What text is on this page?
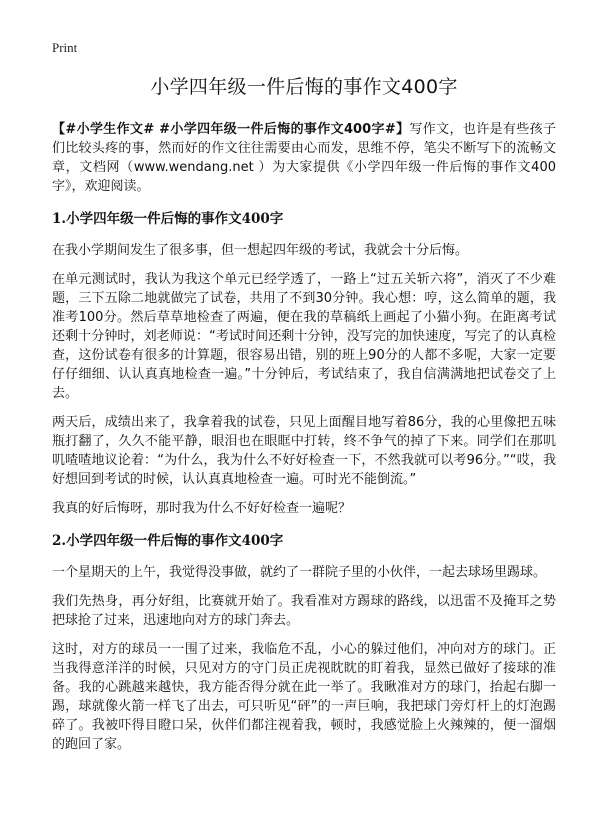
Print
小学四年级一件后悔的事作文400字

【#小学生作文# #小学四年级一件后悔的事作文400字#】写作文，也许是有些孩子们比较头疼的事，然而好的作文往往需要由心而发，思维不停，笔尖不断写下的流畅文章，文档网（www.wendang.net ）为大家提供《小学四年级一件后悔的事作文400字》，欢迎阅读。

1.小学四年级一件后悔的事作文400字

在我小学期间发生了很多事，但一想起四年级的考试，我就会十分后悔。

在单元测试时，我认为我这个单元已经学透了，一路上“过五关斩六将”，消灭了不少难题，三下五除二地就做完了试卷，共用了不到30分钟。我心想：哼，这么简单的题，我准考100分。然后草草地检查了两遍，便在我的草稿纸上画起了小猫小狗。在距离考试还剩十分钟时，刘老师说：“考试时间还剩十分钟，没写完的加快速度，写完了的认真检查，这份试卷有很多的计算题，很容易出错，别的班上90分的人都不多呢，大家一定要仔仔细细、认认真真地检查一遍。”十分钟后，考试结束了，我自信满满地把试卷交了上去。

两天后，成绩出来了，我拿着我的试卷，只见上面醒目地写着86分，我的心里像把五味瓶打翻了，久久不能平静，眼泪也在眼眶中打转，终不争气的掉了下来。同学们在那叽叽喳喳地议论着：“为什么，我为什么不好好检查一下，不然我就可以考96分。”“哎，我好想回到考试的时候，认认真真地检查一遍。可时光不能倒流。”

我真的好后悔呀，那时我为什么不好好检查一遍呢？

2.小学四年级一件后悔的事作文400字

一个星期天的上午，我觉得没事做，就约了一群院子里的小伙伴，一起去球场里踢球。

我们先热身，再分好组，比赛就开始了。我看准对方踢球的路线，以迅雷不及掩耳之势把球抢了过来，迅速地向对方的球门奔去。

这时，对方的球员一一围了过来，我临危不乱，小心的躲过他们，冲向对方的球门。正当我得意洋洋的时候，只见对方的守门员正虎视眈眈的盯着我，显然已做好了接球的准备。我的心跳越来越快，我方能否得分就在此一举了。我瞅准对方的球门，抬起右脚一踢，球就像火箭一样飞了出去，可只听见“砰”的一声巨响，我把球门旁灯杆上的灯泡踢碎了。我被吓得目瞪口呆，伙伴们都注视着我，顿时，我感觉脸上火辣辣的，便一溜烟的跑回了家。
